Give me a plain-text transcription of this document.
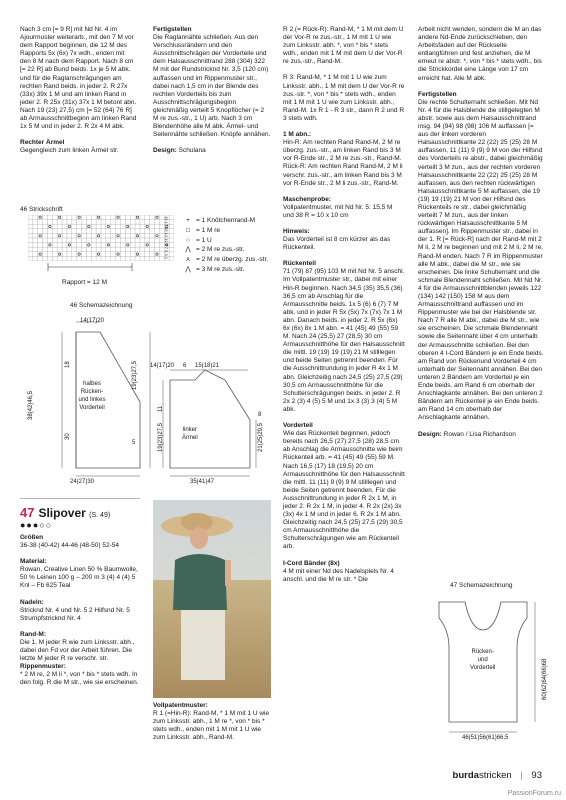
Nach 3 cm [= 9 R] mit Nd Nr. 4 im Ajourmuster weiterarb., mit den 7 M vor dem Rapport beginnen, die 12 M des Rapports 5x (6x) 7x wdh., enden mit den 8 M nach dem Rapport. Nach 8 cm [= 22 R] ab Bund beids. 1x je 5 M abk. und für die Raglanschrägungen am rechten Rand beids. in jeder 2. R 27x (33x) 39x 1 M und am linken Rand in jeder 2. R 25x (31x) 37x 1 M betont abn. Nach 19 (23) 27,5) cm [= 52 (64) 76 R] ab Armausschnittbeginn am linken Rand 1x 5 M und in jeder 2. R 2x 4 M abk.

Rechter Ärmel
Gegengleich zum linken Ärmel str.
46 Strickschrift
19 17 15 13 11 9 7 5 3 1
Rapport = 12 M
+ = 1 Knötchenrand-M
□ = 1 M re
○ = 1 U
⋀ = 2 M re zus.-str.
⋏ = 2 M re überzg. zus.-str.
⋀ = 3 M re zus.-str.
46 Schemazeichnung
14(17)20
halbes
Rücken-
und linkes
Vorderteil
38(42)46,5
18
30
19(23)27,5
5
24(27)30
14(17)20 6 15(18)21
linker
Ärmel
11
19(23)27,5	21(25)29,5
8
35(41)47
47 Slipover (S. 49)
●●●○○
Größen

36-38 (40-42) 44-46 (48-50) 52-54

Material:

Rowan, Creative Linen 50 % Baumwolle, 50 % Leinen 100 g – 200 m 3 (4) 4 (4) 5 Knl – Fb 625 Teal

Nadeln:

Stricknd Nr. 4 und Nr. 5 2 Hilfsnd Nr. 5 Strumpfstricknd Nr. 4

Rand-M:
Die 1. M jeder R wie zum Linksstr. abh., dabei den Fd vor der Arbeit führen. Die letzte M jeder R re verschr. str.
Rippenmuster:
* 2 M re, 2 M li *, von * bis * stets wdh. In den folg. R die M str., wie sie erscheinen.
Fertigstellen

Die Raglannähte schließen. Aus den Verschlussrändern und den Ausschnittschrägen der Vorderteile und dem Halsausschnittrand 288 (304) 322 M mit der Rundstricknd Nr. 3,5 (120 cm) auffassen und im Rippenmuster str., dabei nach 1,5 cm in der Blende des rechten Vorderteils bis zum Ausschnittschrägungsbeginn gleichmäßig verteilt 5 Knopflöcher (= 2 M re zus.-str., 1 U) arb. Nach 3 cm Blendenhöhe alle M abk. Ärmel- und Seitennähte schließen. Knöpfe annähen.

Design: Schulana

Vollpatentmuster:
R 1 (=Hin-R): Rand-M, * 1 M mit 1 U wie zum Linksstr. abh., 1 M re *, von * bis * stets wdh., enden mit 1 M mit 1 U wie zum Linksstr. abh., Rand-M.

R 2 (= Rück-R): Rand-M, * 1 M mit dem U der Vor-R re zus.-str., 1 M mit 1 U wie zum Linksstr. abh. *, von * bis * stets wdh., enden mit 1 M mit dem U der Vor-R re zus.-str., Rand-M.

R 3: Rand-M, * 1 M mit 1 U wie zum Linksstr. abh., 1 M mit dem U der Vor-R re zus.-str. *, von * bis * stets wdh., enden mit 1 M mit 1 U wie zum Linksstr. abh., Rand-M. 1x R 1 - R 3 str., dann R 2 und R 3 stets wdh.

1 M abn.:

Hin-R: Am rechten Rand Rand-M, 2 M re überzg. zus.-str., am linken Rand bis 3 M vor R-Ende str., 2 M re zus.-str., Rand-M. Rück-R: Am rechten Rand Rand-M, 2 M li verschr. zus.-str., am linken Rand bis 3 M vor R-Ende str., 2 M li zus.-str., Rand-M.

Maschenprobe:

Vollpatentmuster, mit Nd Nr. 5: 15,5 M und 38 R = 10 x 10 cm

Hinweis:

Das Vorderteil ist 8 cm kürzer als das Rückenteil.

Rückenteil

71 (79) 87 (95) 103 M mit Nd Nr. 5 anschl. Im Vollpatentmuster str., dabei mit einer Hin-R beginnen. Nach 34,5 (35) 35,5 (36) 36,5 cm ab Anschlag für die Armausschnitte beids. 1x 5 (6) 6 (7) 7 M abk. und in jeder R 5x (5x) 7x (7x) 7x 1 M abn. Danach beids. in jeder 2. R 5x (6x) 6x (6x) 8x 1 M abn. = 41 (45) 49 (55) 59 M. Nach 24 (25,5) 27 (28,5) 30 cm Armausschnitthöhe für den Halsausschnitt die mittl. 19 (19) 19 (19) 21 M stilllegen und beide Seiten getrennt beenden. Für die Ausschnittrundung in jeder R 4x 1 M abn. Gleichzeitig nach 24,5 (25) 27,5 (29) 30,5 cm Armausschnitthöhe für die Schulterschrägungen beids. in jeder 2. R 2x 2 (3) 4 (5) 5 M und 1x 3 (3) 3 (4) 5 M abk.

Vorderteil

Wie das Rückenteil beginnen, jedoch bereits nach 26,5 (27) 27,5 (28) 28,5 cm ab Anschlag die Armausschnitte wie beim Rückenteil arb. = 41 (45) 49 (55) 59 M. Nach 16,5 (17) 18 (19,5) 20 cm Armausschnitthöhe für den Halsausschnitt die mittl. 11 (11) 9 (9) 9 M stilllegen und beide Seiten getrennt beenden. Für die Ausschnittrundung in jeder R 2x 1 M, in jeder 2. R 2x 1 M, in jeder 4. R 2x (2x) 3x (3x) 4x 1 M und in jeder 6. R 2x 1 M abn. Gleichzeitig nach 24,5 (25) 27,5 (29) 30,5 cm Armausschnitthöhe die Schulterschrägungen wie am Rückenteil arb.

I-Cord Bänder (8x)
4 M mit einer Nd des Nadelspiels Nr. 4 anschl. und die M re str. * Die

Arbeit nicht wenden, sondern die M an das andere Nd-Ende zurückschieben, den Arbeitsfaden auf der Rückseite entlangführen und fest anziehen, die M erneut re abstr. *, von * bis * stets wdh., bis die Strickkordel eine Länge von 17 cm erreicht hat. Alle M abk.

Fertigstellen

Die rechte Schulternaht schließen. Mit Nd Nr. 4 für die Halsblende die stillgelegten M abstr. sowie aus dem Halsausschnittrand insg. 94 (94) 98 (98) 106 M auffassen [= aus der linken vorderen Halsausschnittkante 22 (22) 25 (25) 28 M auffassen, 11 (11) 9 (9) 9 M von der Hilfsnd des Vorderteils re abstr., dabei gleichmäßig verteilt 3 M zun., aus der rechten vorderen Halsausschnittkante 22 (22) 25 (25) 28 M auffassen, aus den rechten rückwärtigen Halsausschnittkante 5 M auffassen, die 19 (19) 19 (19) 21 M von der Hilfsnd des Rückenteils re str., dabei gleichmäßig verteilt 7 M zun., aus der linken rückwärtigen Halsausschnittkante 5 M auffassen]. Im Rippenmuster str., dabei in der 1. R [= Rück-R] nach der Rand-M mit 2 M li, 2 M re beginnen und mit 2 M li, 2 M re, Rand-M enden. Nach 7 R im Rippenmuster alle M abk., dabei die M str., wie sie erscheinen. Die linke Schulternaht und die schmale Blendennaht schließen. Mit Nd Nr. 4 für die Armausschnittblenden jeweils 122 (134) 142 (150) 158 M aus dem Armausschnittrand auffassen und im Rippenmuster wie bei der Halsblende str. Nach 7 R alle M abk., dabei die M str., wie sie erscheinen. Die schmale Blendennaht sowie die Seitennaht über 4 cm unterhalb der Armausschnitte schließen. Bei den oberen 4 I-Cord Bändern je ein Ende beids. am Rand von Rückenund Vorderteil 4 cm unterhalb der Seitennaht annähen. Bei den unteren 2 Bändern am Vorderteil je ein Ende beids. am Rand 6 cm oberhalb der Anschlagkante annähen. Bei den unteren 2 Bändern am Rückenteil je ein Ende beids. am Rand 14 cm oberhalb der Anschlagkante annähen.

Design: Rowan / Lisa Richardson

47 Schemazeichnung
Rücken-
und
Vorderteil	60(62)64(66)68
46(51)56(61)66,5
burdastricken | 93
PassionForum.ru
